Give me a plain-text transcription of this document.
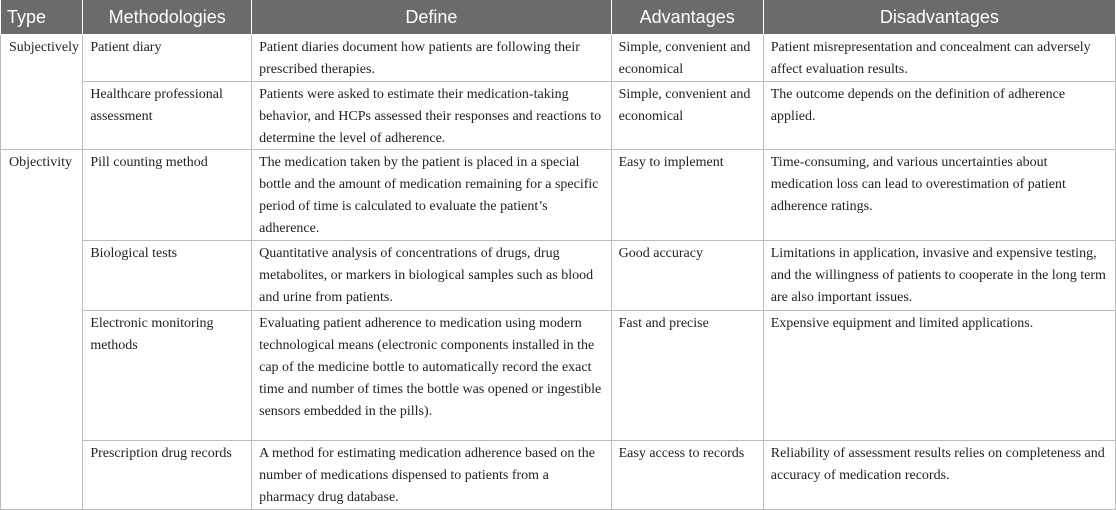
Type	Methodologies	Define	Advantages	Disadvantages
Subjectively	Patient diary	Patient diaries document how patients are following their prescribed therapies.	Simple, convenient and economical	Patient misrepresentation and concealment can adversely affect evaluation results.
	Healthcare professional assessment	Patients were asked to estimate their medication-taking behavior, and HCPs assessed their responses and reactions to determine the level of adherence.	Simple, convenient and economical	The outcome depends on the definition of adherence applied.
Objectivity	Pill counting method	The medication taken by the patient is placed in a special bottle and the amount of medication remaining for a specific period of time is calculated to evaluate the patient’s adherence.	Easy to implement	Time-consuming, and various uncertainties about medication loss can lead to overestimation of patient adherence ratings.
	Biological tests	Quantitative analysis of concentrations of drugs, drug metabolites, or markers in biological samples such as blood and urine from patients.	Good accuracy	Limitations in application, invasive and expensive testing, and the willingness of patients to cooperate in the long term are also important issues.
	Electronic monitoring methods	Evaluating patient adherence to medication using modern technological means (electronic components installed in the cap of the medicine bottle to automatically record the exact time and number of times the bottle was opened or ingestible sensors embedded in the pills).	Fast and precise	Expensive equipment and limited applications.
	Prescription drug records	A method for estimating medication adherence based on the number of medications dispensed to patients from a pharmacy drug database.	Easy access to records	Reliability of assessment results relies on completeness and accuracy of medication records.
